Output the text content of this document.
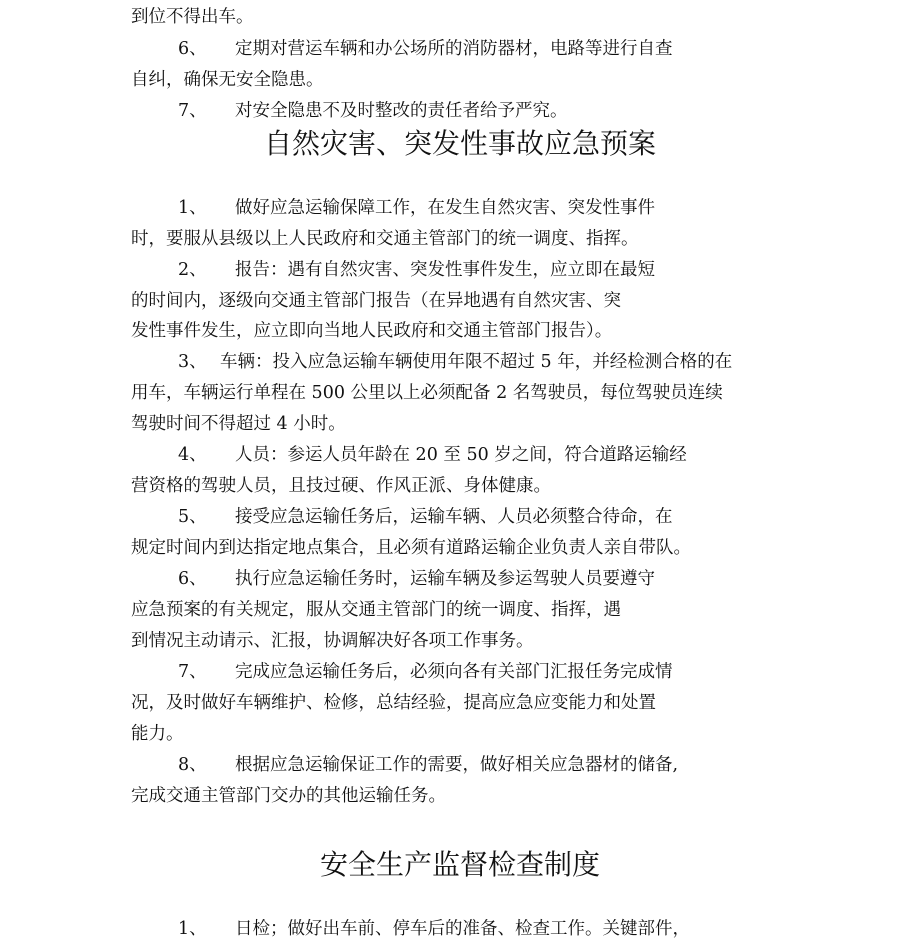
到位不得出车。
6、 定期对营运车辆和办公场所的消防器材，电路等进行自查
自纠，确保无安全隐患。
7、 对安全隐患不及时整改的责任者给予严究。
自然灾害、突发性事故应急预案
1、 做好应急运输保障工作，在发生自然灾害、突发性事件
时，要服从县级以上人民政府和交通主管部门的统一调度、指挥。
2、 报告：遇有自然灾害、突发性事件发生，应立即在最短
的时间内，逐级向交通主管部门报告（在异地遇有自然灾害、突
发性事件发生，应立即向当地人民政府和交通主管部门报告）。
3、 车辆：投入应急运输车辆使用年限不超过 5 年，并经检测合格的在
用车，车辆运行单程在 500 公里以上必须配备 2 名驾驶员，每位驾驶员连续
驾驶时间不得超过 4 小时。
4、 人员：参运人员年龄在 20 至 50 岁之间，符合道路运输经
营资格的驾驶人员，且技过硬、作风正派、身体健康。
5、 接受应急运输任务后，运输车辆、人员必须整合待命，在
规定时间内到达指定地点集合，且必须有道路运输企业负责人亲自带队。
6、 执行应急运输任务时，运输车辆及参运驾驶人员要遵守
应急预案的有关规定，服从交通主管部门的统一调度、指挥，遇
到情况主动请示、汇报，协调解决好各项工作事务。
7、 完成应急运输任务后，必须向各有关部门汇报任务完成情
况，及时做好车辆维护、检修，总结经验，提高应急应变能力和处置
能力。
8、 根据应急运输保证工作的需要，做好相关应急器材的储备,
完成交通主管部门交办的其他运输任务。
安全生产监督检查制度
1、 日检；做好出车前、停车后的准备、检查工作。关键部件，
